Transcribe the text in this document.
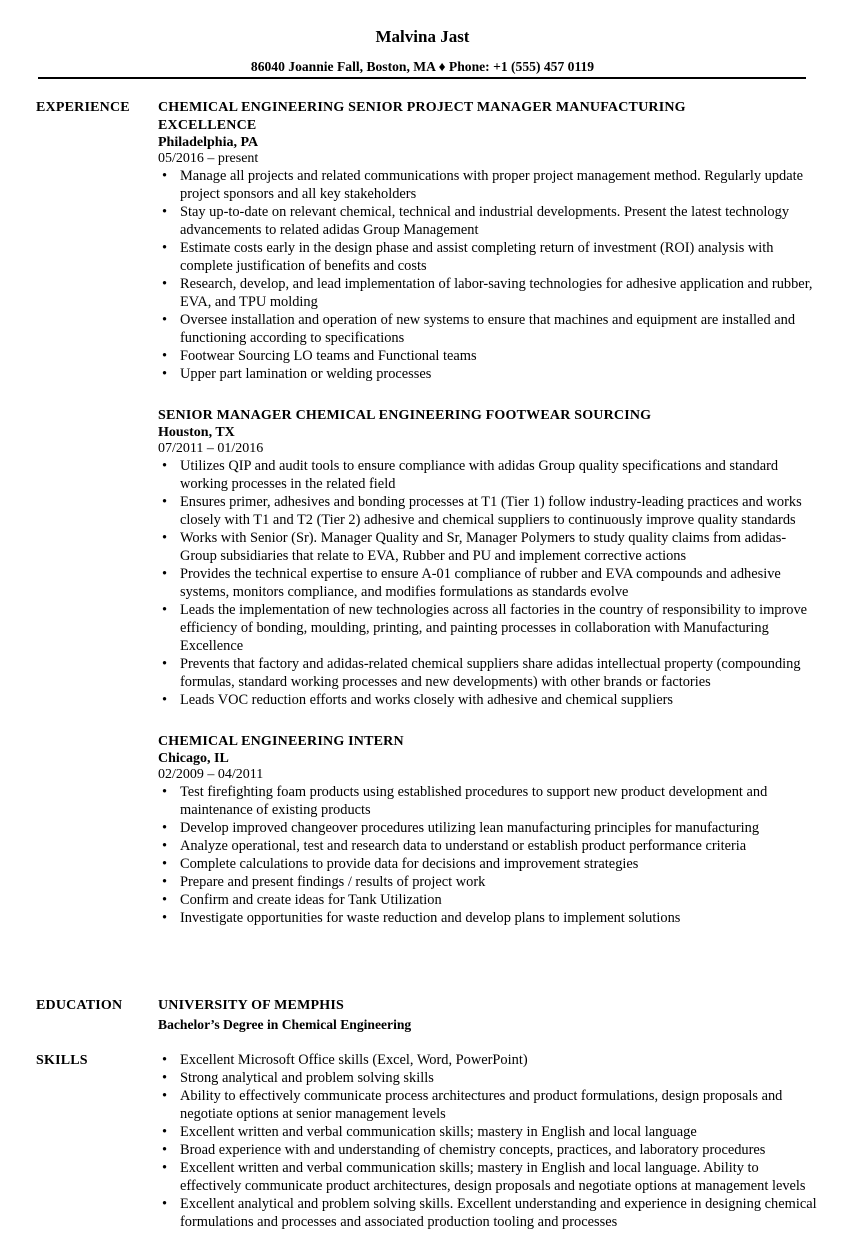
Malvina Jast
86040 Joannie Fall, Boston, MA ♦ Phone: +1 (555) 457 0119
EXPERIENCE CHEMICAL ENGINEERING SENIOR PROJECT MANAGER MANUFACTURING EXCELLENCE
Philadelphia, PA
05/2016 – present
• Manage all projects and related communications with proper project management method. Regularly update project sponsors and all key stakeholders
• Stay up-to-date on relevant chemical, technical and industrial developments. Present the latest technology advancements to related adidas Group Management
• Estimate costs early in the design phase and assist completing return of investment (ROI) analysis with complete justification of benefits and costs
• Research, develop, and lead implementation of labor-saving technologies for adhesive application and rubber, EVA, and TPU molding
• Oversee installation and operation of new systems to ensure that machines and equipment are installed and functioning according to specifications
• Footwear Sourcing LO teams and Functional teams
• Upper part lamination or welding processes
SENIOR MANAGER CHEMICAL ENGINEERING FOOTWEAR SOURCING
Houston, TX
07/2011 – 01/2016
• Utilizes QIP and audit tools to ensure compliance with adidas Group quality specifications and standard working processes in the related field
• Ensures primer, adhesives and bonding processes at T1 (Tier 1) follow industry-leading practices and works closely with T1 and T2 (Tier 2) adhesive and chemical suppliers to continuously improve quality standards
• Works with Senior (Sr). Manager Quality and Sr, Manager Polymers to study quality claims from adidas-Group subsidiaries that relate to EVA, Rubber and PU and implement corrective actions
• Provides the technical expertise to ensure A-01 compliance of rubber and EVA compounds and adhesive systems, monitors compliance, and modifies formulations as standards evolve
• Leads the implementation of new technologies across all factories in the country of responsibility to improve efficiency of bonding, moulding, printing, and painting processes in collaboration with Manufacturing Excellence
• Prevents that factory and adidas-related chemical suppliers share adidas intellectual property (compounding formulas, standard working processes and new developments) with other brands or factories
• Leads VOC reduction efforts and works closely with adhesive and chemical suppliers
CHEMICAL ENGINEERING INTERN
Chicago, IL
02/2009 – 04/2011
• Test firefighting foam products using established procedures to support new product development and maintenance of existing products
• Develop improved changeover procedures utilizing lean manufacturing principles for manufacturing
• Analyze operational, test and research data to understand or establish product performance criteria
• Complete calculations to provide data for decisions and improvement strategies
• Prepare and present findings / results of project work
• Confirm and create ideas for Tank Utilization
• Investigate opportunities for waste reduction and develop plans to implement solutions
EDUCATION	UNIVERSITY OF MEMPHIS
Bachelor’s Degree in Chemical Engineering
SKILLS
•	Excellent Microsoft Office skills (Excel, Word, PowerPoint)
• Strong analytical and problem solving skills
• Ability to effectively communicate process architectures and product formulations, design proposals and negotiate options at senior management levels
• Excellent written and verbal communication skills; mastery in English and local language
• Broad experience with and understanding of chemistry concepts, practices, and laboratory procedures
• Excellent written and verbal communication skills; mastery in English and local language. Ability to effectively communicate product architectures, design proposals and negotiate options at management levels
• Excellent analytical and problem solving skills. Excellent understanding and experience in designing chemical formulations and processes and associated production tooling and processes
